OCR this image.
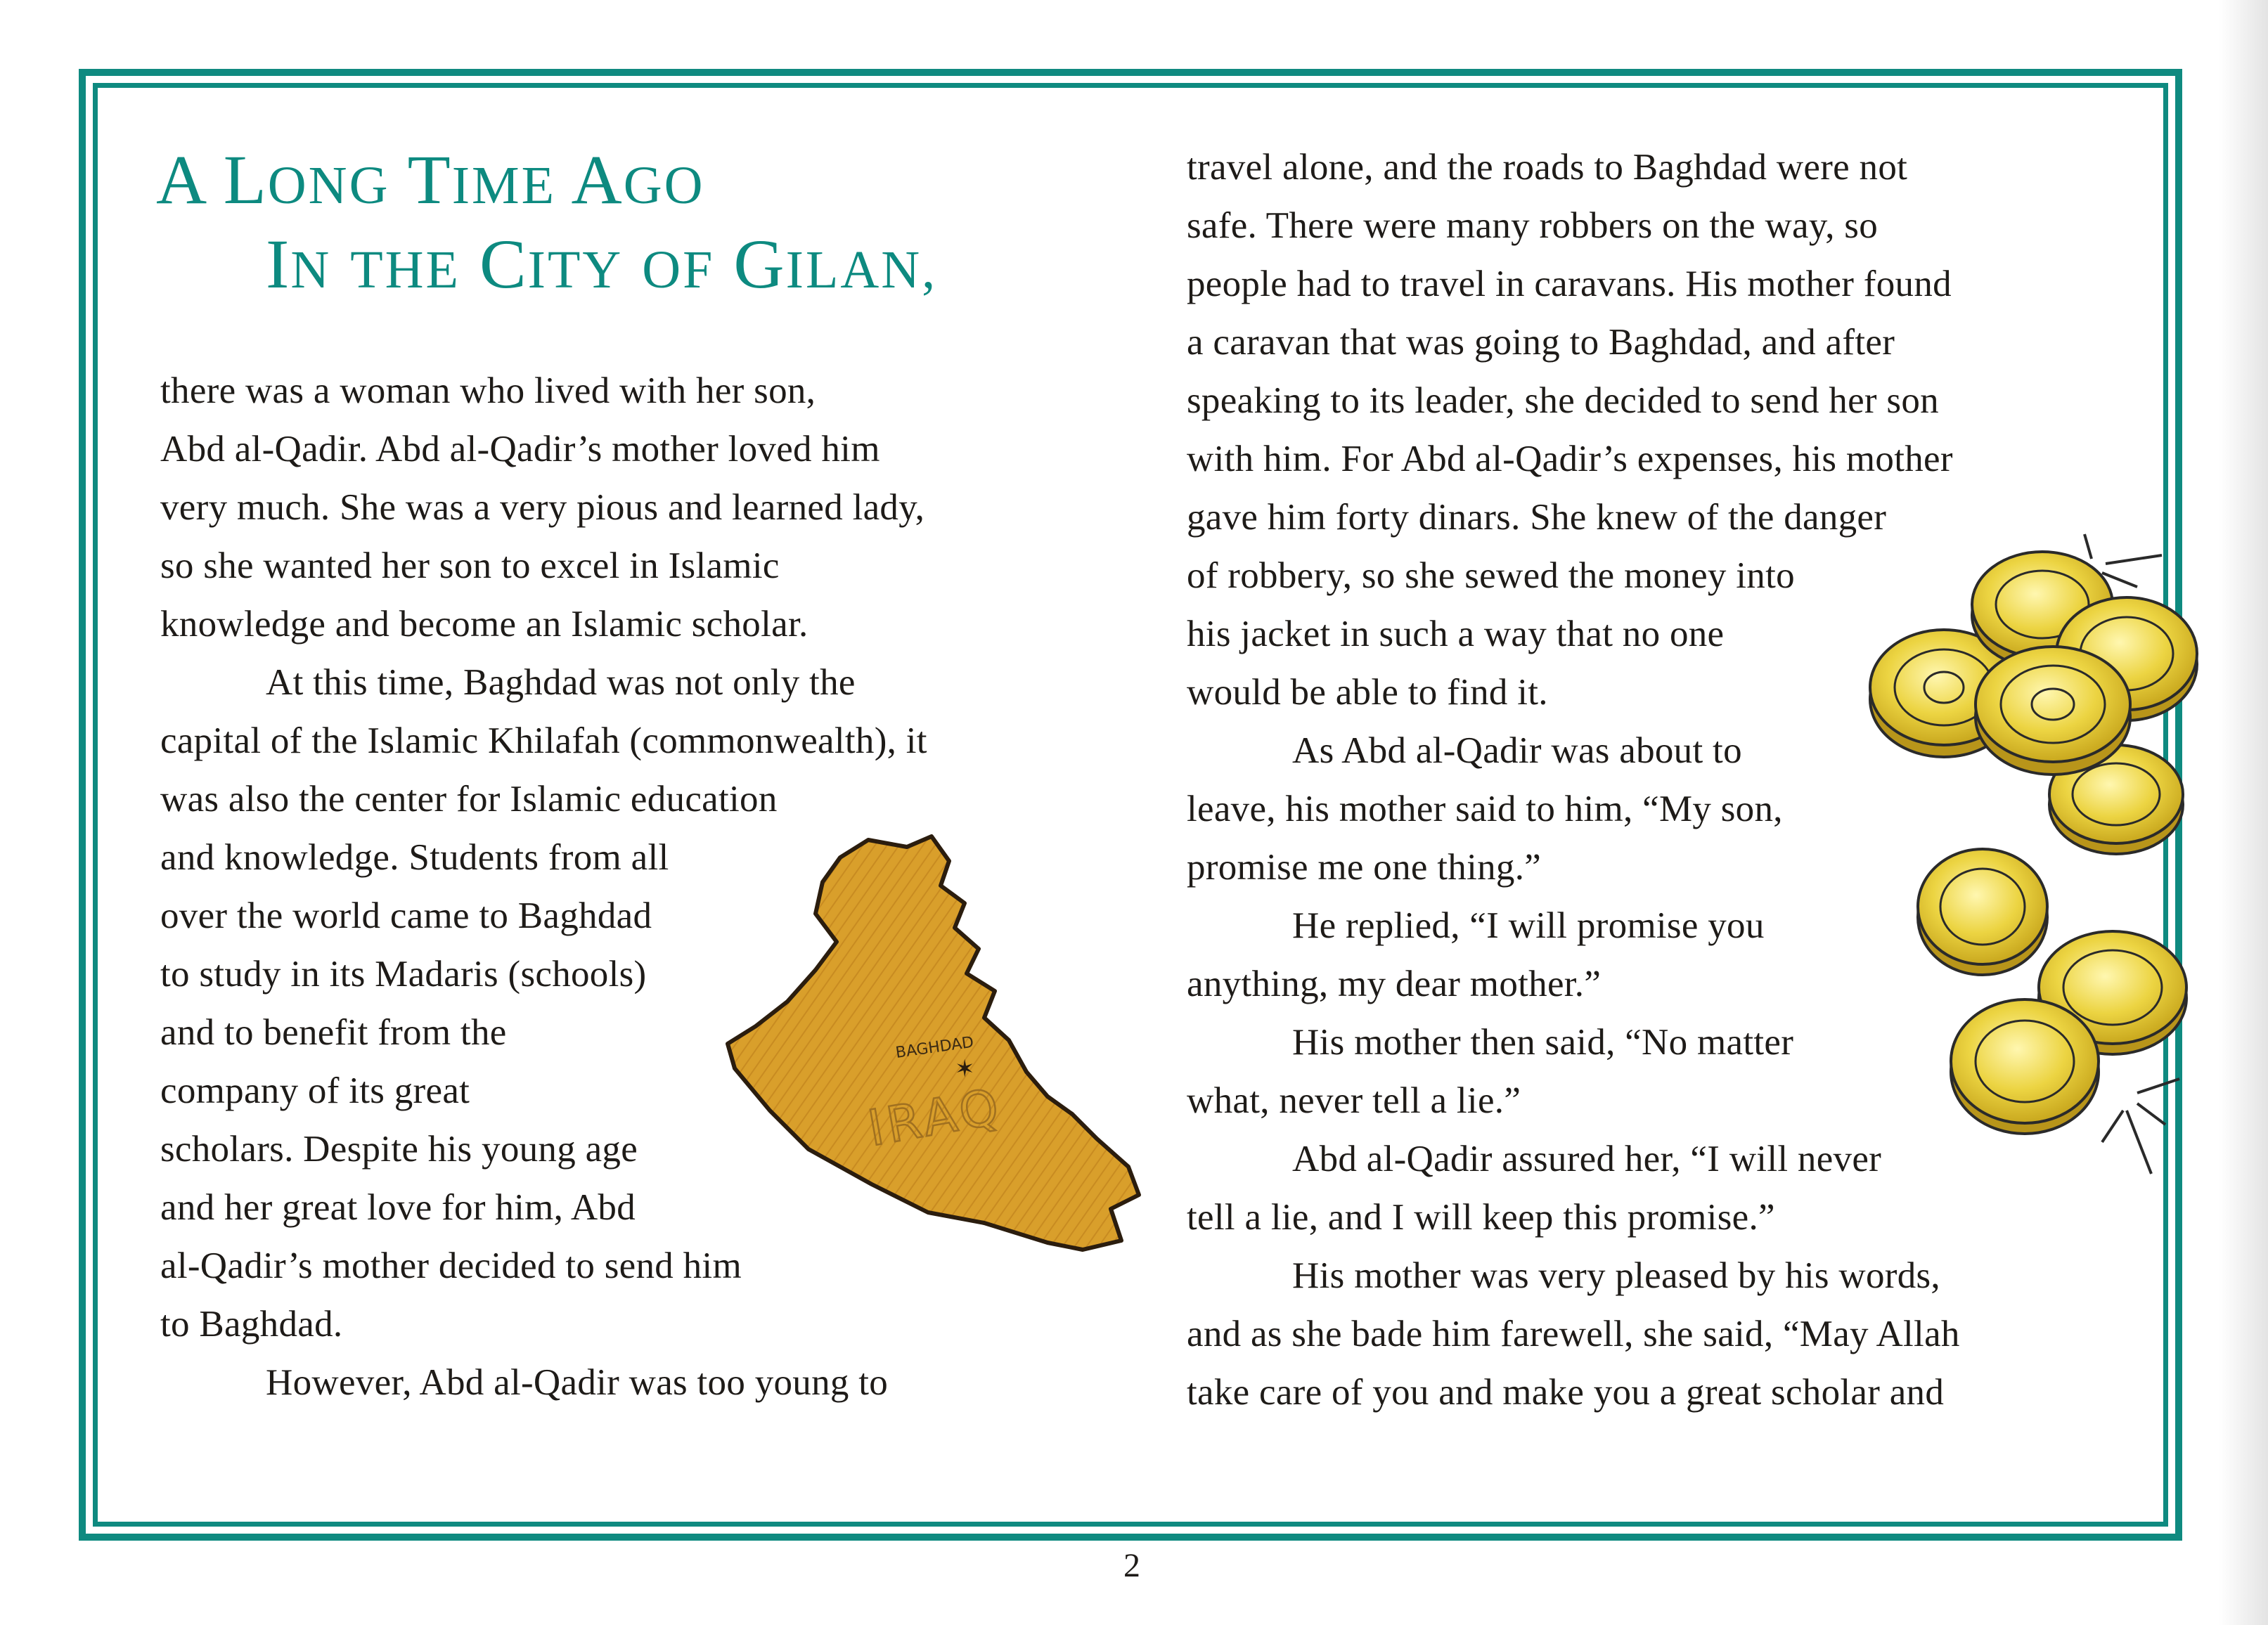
A LONG TIME AGO
IN THE CITY OF GILAN,
there was a woman who lived with her son,
Abd al-Qadir. Abd al-Qadir’s mother loved him
very much. She was a very pious and learned lady,
so she wanted her son to excel in Islamic
knowledge and become an Islamic scholar.
At this time, Baghdad was not only the
capital of the Islamic Khilafah (commonwealth), it
was also the center for Islamic education
and knowledge. Students from all
over the world came to Baghdad
to study in its Madaris (schools)
and to benefit from the
company of its great
scholars. Despite his young age
and her great love for him, Abd
al-Qadir’s mother decided to send him
to Baghdad.
However, Abd al-Qadir was too young to
travel alone, and the roads to Baghdad were not
safe. There were many robbers on the way, so
people had to travel in caravans. His mother found
a caravan that was going to Baghdad, and after
speaking to its leader, she decided to send her son
with him. For Abd al-Qadir’s expenses, his mother
gave him forty dinars. She knew of the danger
of robbery, so she sewed the money into
his jacket in such a way that no one
would be able to find it.
As Abd al-Qadir was about to
leave, his mother said to him, “My son,
promise me one thing.”
He replied, “I will promise you
anything, my dear mother.”
His mother then said, “No matter
what, never tell a lie.”
Abd al-Qadir assured her, “I will never
tell a lie, and I will keep this promise.”
His mother was very pleased by his words,
and as she bade him farewell, she said, “May Allah
take care of you and make you a great scholar and
BAGHDAD
✶
IRAQ
2
